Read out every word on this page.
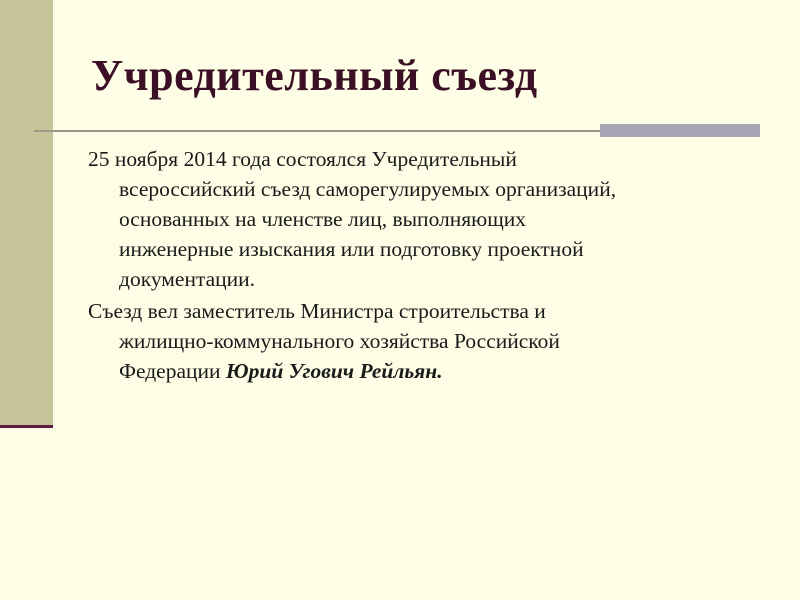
Учредительный съезд
25 ноября 2014 года состоялся Учредительный
всероссийский съезд саморегулируемых организаций,
основанных на членстве лиц, выполняющих
инженерные изыскания или подготовку проектной
документации.
Съезд вел заместитель Министра строительства и
жилищно-коммунального хозяйства Российской
Федерации Юрий Угович Рейльян.
